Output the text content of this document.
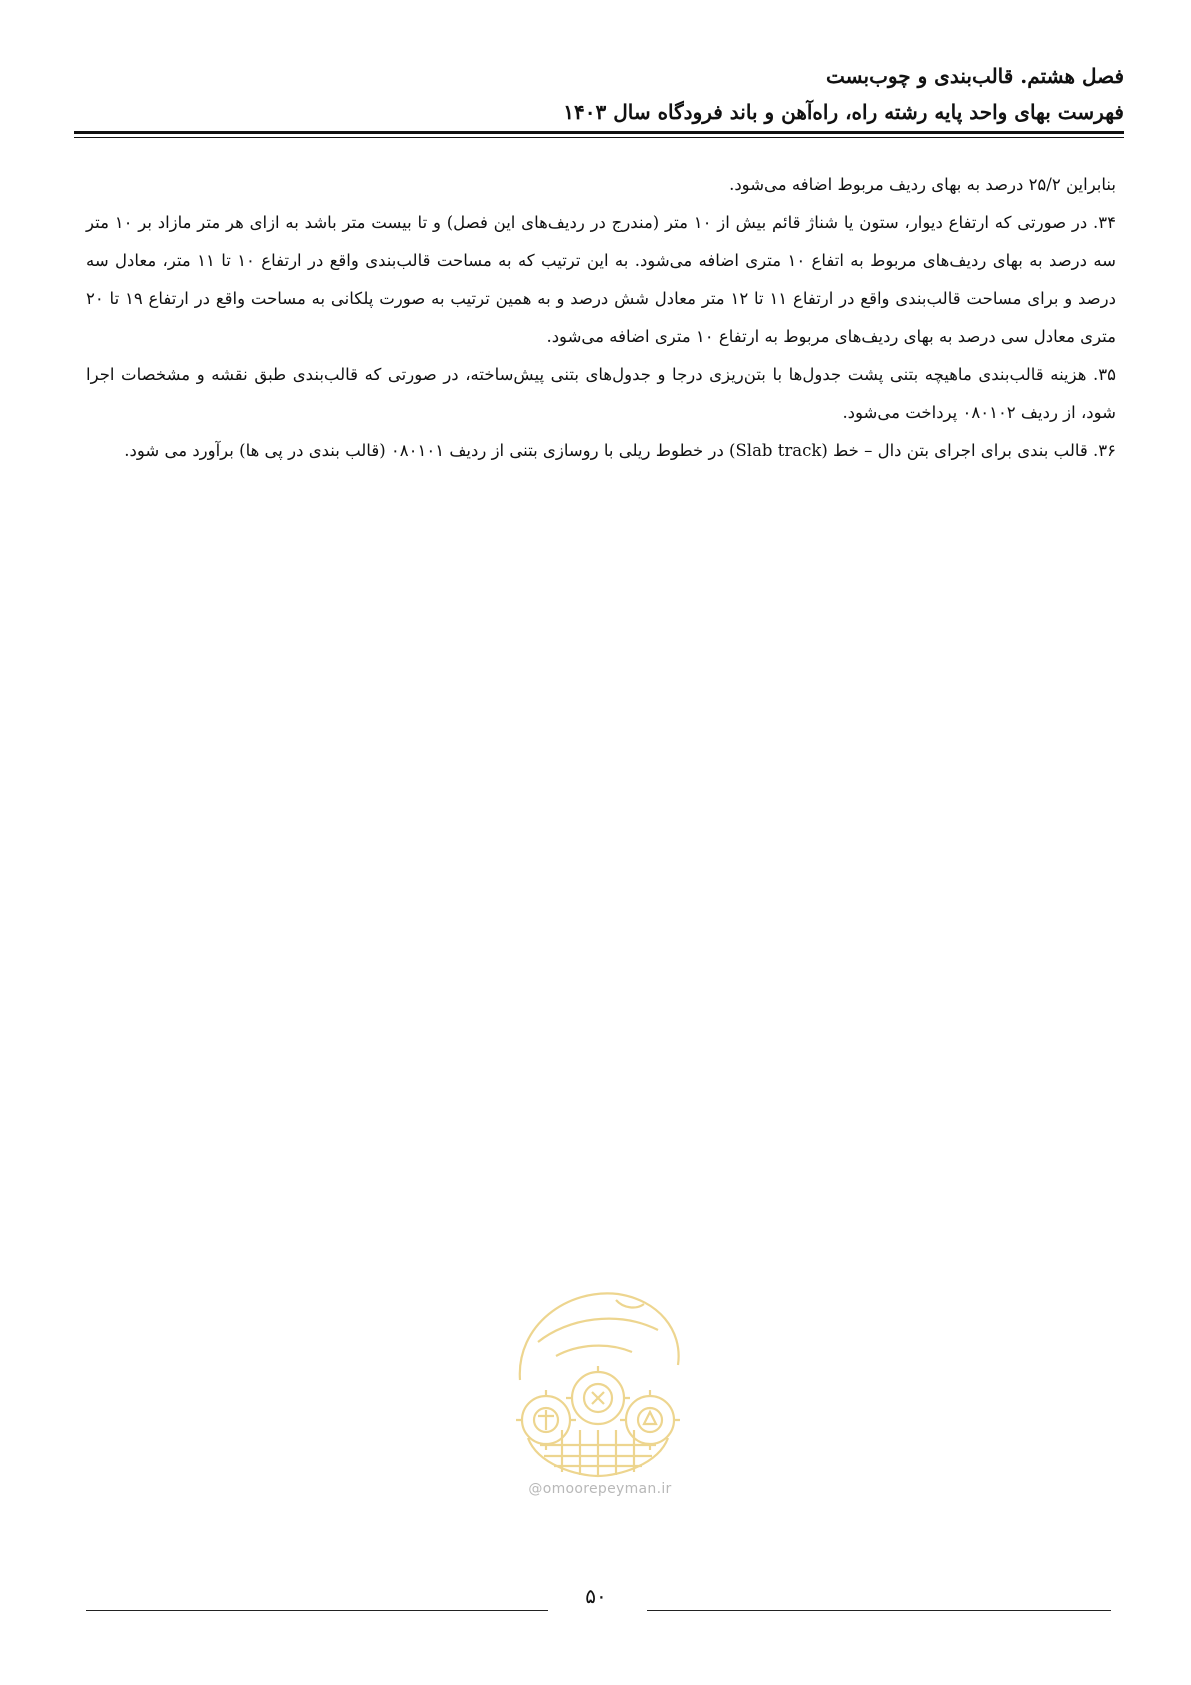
فصل هشتم. قالب‌بندی و چوب‌بست

فهرست بهای واحد پایه رشته راه، راه‌آهن و باند فرودگاه سال ۱۴۰۳

بنابراین ۲۵/۲ درصد به بهای ردیف مربوط اضافه می‌شود.

۳۴. در صورتی که ارتفاع دیوار، ستون یا شناژ قائم بیش از ۱۰ متر (مندرج در ردیف‌های این فصل) و تا بیست متر باشد به ازای هر متر مازاد بر ۱۰ متر سه درصد به بهای ردیف‌های مربوط به اتفاع ۱۰ متری اضافه می‌شود. به این ترتیب که به مساحت قالب‌بندی واقع در ارتفاع ۱۰ تا ۱۱ متر، معادل سه درصد و برای مساحت قالب‌بندی واقع در ارتفاع ۱۱ تا ۱۲ متر معادل شش درصد و به همین ترتیب به صورت پلکانی به مساحت واقع در ارتفاع ۱۹ تا ۲۰ متری معادل سی درصد به بهای ردیف‌های مربوط به ارتفاع ۱۰ متری اضافه می‌شود.

۳۵. هزینه قالب‌بندی ماهیچه بتنی پشت جدول‌ها با بتن‌ریزی درجا و جدول‌های بتنی پیش‌ساخته، در صورتی که قالب‌بندی طبق نقشه و مشخصات اجرا شود، از ردیف ۰۸۰۱۰۲ پرداخت می‌شود.

۳۶. قالب بندی برای اجرای بتن دال – خط (Slab track) در خطوط ریلی با روسازی بتنی از ردیف ۰۸۰۱۰۱ (قالب بندی در پی ها) برآورد می شود.

@omoorepeyman.ir
۵۰
